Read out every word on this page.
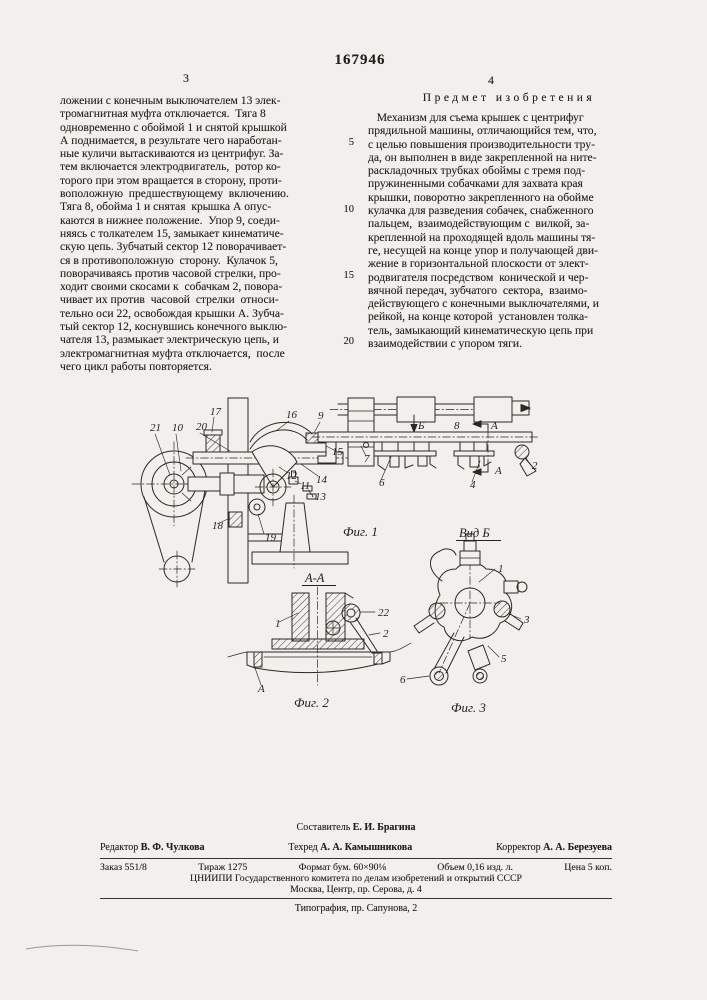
167946
3	4
ложении с конечным выключателем 13 элек-
тромагнитная муфта отключается.  Тяга 8
одновременно с обоймой 1 и снятой крышкой
А поднимается, в результате чего наработан-
ные куличи вытаскиваются из центрифуг. За-
тем включается электродвигатель,  ротор ко-
торого при этом вращается в сторону, проти-
воположную  предшествующему  включению.
Тяга 8, обойма 1 и снятая  крышка А опус-
каются в нижнее положение.  Упор 9, соеди-
няясь с толкателем 15, замыкает кинематиче-
скую цепь. Зубчатый сектор 12 поворачивает-
ся в противоположную  сторону.  Кулачок 5,
поворачиваясь против часовой стрелки, про-
ходит своими скосами к  собачкам 2, повора-
чивает их против  часовой  стрелки  относи-
тельно оси 22, освобождая крышки А. Зубча-
тый сектор 12, коснувшись конечного выклю-
чателя 13, размыкает электрическую цепь, и
электромагнитная муфта отключается,  после
чего цикл работы повторяется.
Предмет изобретения
Механизм для съема крышек с центрифуг
прядильной машины, отличающийся тем, что,
с целью повышения производительности тру-
да, он выполнен в виде закрепленной на ните-
раскладочных трубках обоймы с тремя под-
пружиненными собачками для захвата края
крышки, поворотно закрепленного на обойме
кулачка для разведения собачек, снабженного
пальцем,  взаимодействующим с  вилкой, за-
крепленной на проходящей вдоль машины тя-
ге, несущей на конце упор и получающей дви-
жение в горизонтальной плоскости от элект-
родвигателя посредством  конической и чер-
вячной передач, зубчатого  сектора,  взаимо-
действующего с конечными выключателями, и
рейкой, на конце которой  установлен толка-
тель, замыкающий кинематическую цепь при
взаимодействии с упором тяги.
5
10
15
20
Фиг. 1	Вид Б
А-А
Фиг. 2	Фиг. 3
17
21 10 20
16 9
Б	8	А
15
7
12 14
11
13
6	4
А	2
18
19
1
22
2
А
1
3
5
6
Составитель Е. И. Брагина
Редактор В. Ф. Чулкова	Техред А. А. Камышникова	Корректор А. А. Березуева
Заказ 551/8	Тираж 1275	Формат бум. 60×90⅛	Объем 0,16 изд. л.	Цена 5 коп.
ЦНИИПИ Государственного комитета по делам изобретений и открытий СССР
Москва, Центр, пр. Серова, д. 4
Типография, пр. Сапунова, 2
